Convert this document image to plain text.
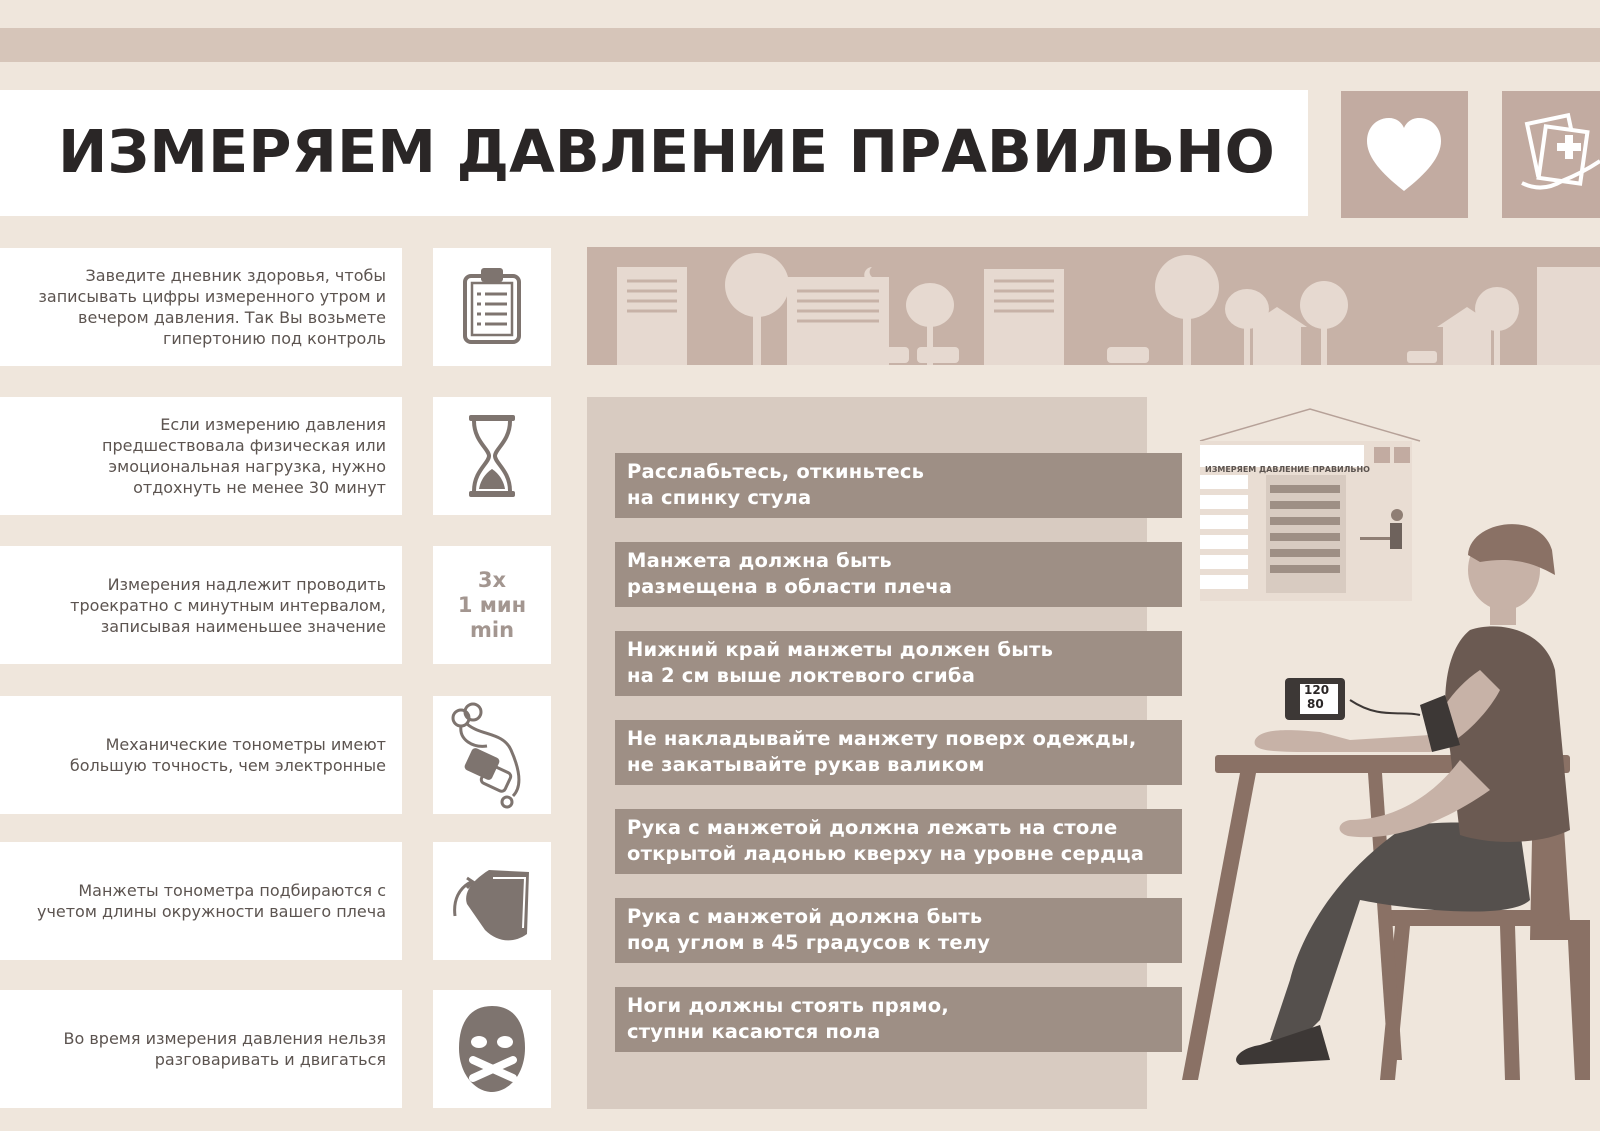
ИЗМЕРЯЕМ ДАВЛЕНИЕ ПРАВИЛЬНО
Заведите дневник здоровья, чтобы записывать цифры измеренного утром и вечером давления. Так Вы возьмете гипертонию под контроль
Если измерению давления предшествовала физическая или эмоциональная нагрузка, нужно отдохнуть не менее 30 минут
Измерения надлежит проводить троекратно с минутным интервалом, записывая наименьшее значение
3x
1 мин
min
Механические тонометры имеют большую точность, чем электронные
Манжеты тонометра подбираются с учетом длины окружности вашего плеча
Во время измерения давления нельзя разговаривать и двигаться
Расслабьтесь, откиньтесь
на спинку стула
Манжета должна быть
размещена в области плеча
Нижний край манжеты должен быть
на 2 см выше локтевого сгиба
Не накладывайте манжету поверх одежды,
не закатывайте рукав валиком
Рука с манжетой должна лежать на столе
открытой ладонью кверху на уровне сердца
Рука с манжетой должна быть
под углом в 45 градусов к телу
Ноги должны стоять прямо,
ступни касаются пола
ИЗМЕРЯЕМ ДАВЛЕНИЕ ПРАВИЛЬНО
120
80
